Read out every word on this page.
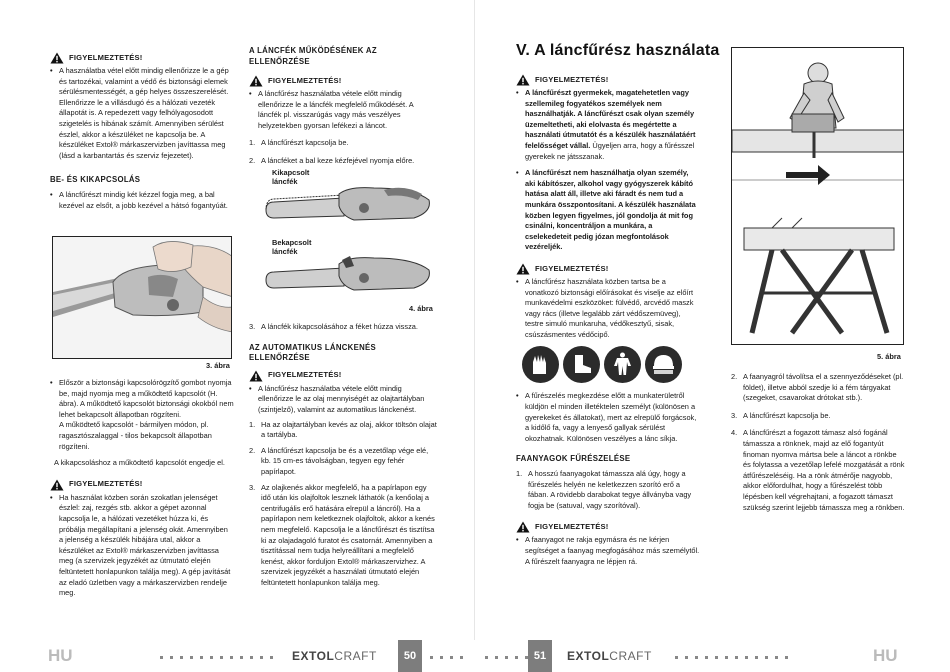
FIGYELMEZTETÉS!
• A használatba vétel előtt mindig ellenőrizze le a gép és tartozékai, valamint a védő és biztonsági elemek sérülésmentességét, a gép helyes összeszerelését. Ellenőrizze le a villásdugó és a hálózati vezeték állapotát is. A repedezett vagy felhólyagosodott szigetelés is hibának számít. Amennyiben sérülést észlel, akkor a készüléket ne kapcsolja be. A készüléket Extol® márkaszervizben javíttassa meg (lásd a karbantartás és szerviz fejezetet).
BE- ÉS KIKAPCSOLÁS
• A láncfűrészt mindig két kézzel fogja meg, a bal kezével az elsőt, a jobb kezével a hátsó fogantyúát.
3. ábra
• Először a biztonsági kapcsolórögzítő gombot nyomja be, majd nyomja meg a működtető kapcsolót (H. ábra). A működtető kapcsolót biztonsági okokból nem lehet bekapcsolt állapotban rögzíteni.
A működtető kapcsolót - bármilyen módon, pl. ragasztószalaggal - tilos bekapcsolt állapotban rögzíteni.

A kikapcsoláshoz a működtető kapcsolót engedje el.

FIGYELMEZTETÉS!
• Ha használat közben során szokatlan jelenséget észlel: zaj, rezgés stb. akkor a gépet azonnal kapcsolja le, a hálózati vezetéket húzza ki, és próbálja megállapítani a jelenség okát. Amennyiben a jelenség a készülék hibájára utal, akkor a készüléket az Extol® márkaszervizben javíttassa meg (a szervizek jegyzékét az útmutató elején feltüntetett honlapunkon találja meg). A gép javítását az eladó üzletben vagy a márkaszervizben rendelje meg.
A LÁNCFÉK MŰKÖDÉSÉNEK AZ ELLENŐRZÉSE
FIGYELMEZTETÉS!
• A láncfűrész használatba vétele előtt mindig ellenőrizze le a láncfék megfelelő működését. A láncfék pl. visszarúgás vagy más veszélyes helyzetekben gyorsan lefékezi a láncot.
1. A láncfűrészt kapcsolja be.
2. A láncféket a bal keze kézfejével nyomja előre.
Kikapcsolt láncfék
Bekapcsolt láncfék
4. ábra
3. A láncfék kikapcsolásához a féket húzza vissza.
AZ AUTOMATIKUS LÁNCKENÉS ELLENŐRZÉSE
FIGYELMEZTETÉS!
• A láncfűrész használatba vétele előtt mindig ellenőrizze le az olaj mennyiségét az olajtartályban (szintjelző), valamint az automatikus lánckenést.
1. Ha az olajtartályban kevés az olaj, akkor töltsön olajat a tartályba.
2. A láncfűrészt kapcsolja be és a vezetőlap vége elé, kb. 15 cm-es távolságban, tegyen egy fehér papírlapot.
3. Az olajkenés akkor megfelelő, ha a papírlapon egy idő után kis olajfoltok lesznek láthatók (a kenőolaj a centrifugális erő hatására elrepül a láncról). Ha a papírlapon nem keletkeznek olajfoltok, akkor a kenés nem megfelelő. Kapcsolja le a láncfűrészt és tisztítsa ki az olajadagoló furatot és csatornát. Amennyiben a tisztítással nem tudja helyreállítani a megfelelő kenést, akkor forduljon Extol® márkaszervizhez. A szervizek jegyzékét a használati útmutató elején feltüntetett honlapunkon találja meg.
HU	EXTOLCRAFT	50
V. A láncfűrész használata
FIGYELMEZTETÉS!
• A láncfűrészt gyermekek, magatehetetlen vagy szellemileg fogyatékos személyek nem használhatják. A láncfűrészt csak olyan személy üzemeltetheti, aki elolvasta és megértette a használati útmutatót és a készülék használatáért felelősséget vállal. Ügyeljen arra, hogy a fűrésszel gyerekek ne játsszanak.
• A láncfűrészt nem használhatja olyan személy, aki kábítószer, alkohol vagy gyógyszerek kábító hatása alatt áll, illetve aki fáradt és nem tud a munkára összpontosítani. A készülék használata közben legyen figyelmes, jól gondolja át mit fog csinálni, koncentráljon a munkára, a cselekedeteit pedig józan megfontolások vezéreljék.
FIGYELMEZTETÉS!
• A láncfűrész használata közben tartsa be a vonatkozó biztonsági előírásokat és viselje az előírt munkavédelmi eszközöket: fülvédő, arcvédő maszk vagy rács (illetve legalább zárt védőszemüveg), testre simuló munkaruha, védőkesztyű, sisak, csúszásmentes védőcipő.
• A fűrészelés megkezdése előtt a munkaterületről küldjön el minden illetéktelen személyt (különösen a gyerekeket és állatokat), mert az elrepülő forgácsok, a kidőlő fa, vagy a lenyeső gallyak sérülést okozhatnak. Különösen veszélyes a lánc síkja.
FAANYAGOK FŰRÉSZELÉSE
1. A hosszú faanyagokat támassza alá úgy, hogy a fűrészelés helyén ne keletkezzen szorító erő a fában. A rövidebb darabokat tegye állványba vagy fogja be (satuval, vagy szorítóval).
FIGYELMEZTETÉS!
• A faanyagot ne rakja egymásra és ne kérjen segítséget a faanyag megfogásához más személytől. A fűrészelt faanyagra ne lépjen rá.
5. ábra
2. A faanyagról távolítsa el a szennyeződéseket (pl. földet), illetve abból szedje ki a fém tárgyakat (szegeket, csavarokat drótokat stb.).
3. A láncfűrészt kapcsolja be.
4. A láncfűrészt a fogazott támasz alsó fogánál támassza a rönknek, majd az elő fogantyút finoman nyomva mártsa bele a láncot a rönkbe és folytassa a vezetőlap lefelé mozgatását a rönk átfűrészeléséig. Ha a rönk átmérője nagyobb, akkor előfordulhat, hogy a fűrészelést több lépésben kell végrehajtani, a fogazott támaszt szükség szerint lejjebb támassza meg a rönkben.
51	EXTOLCRAFT	HU
